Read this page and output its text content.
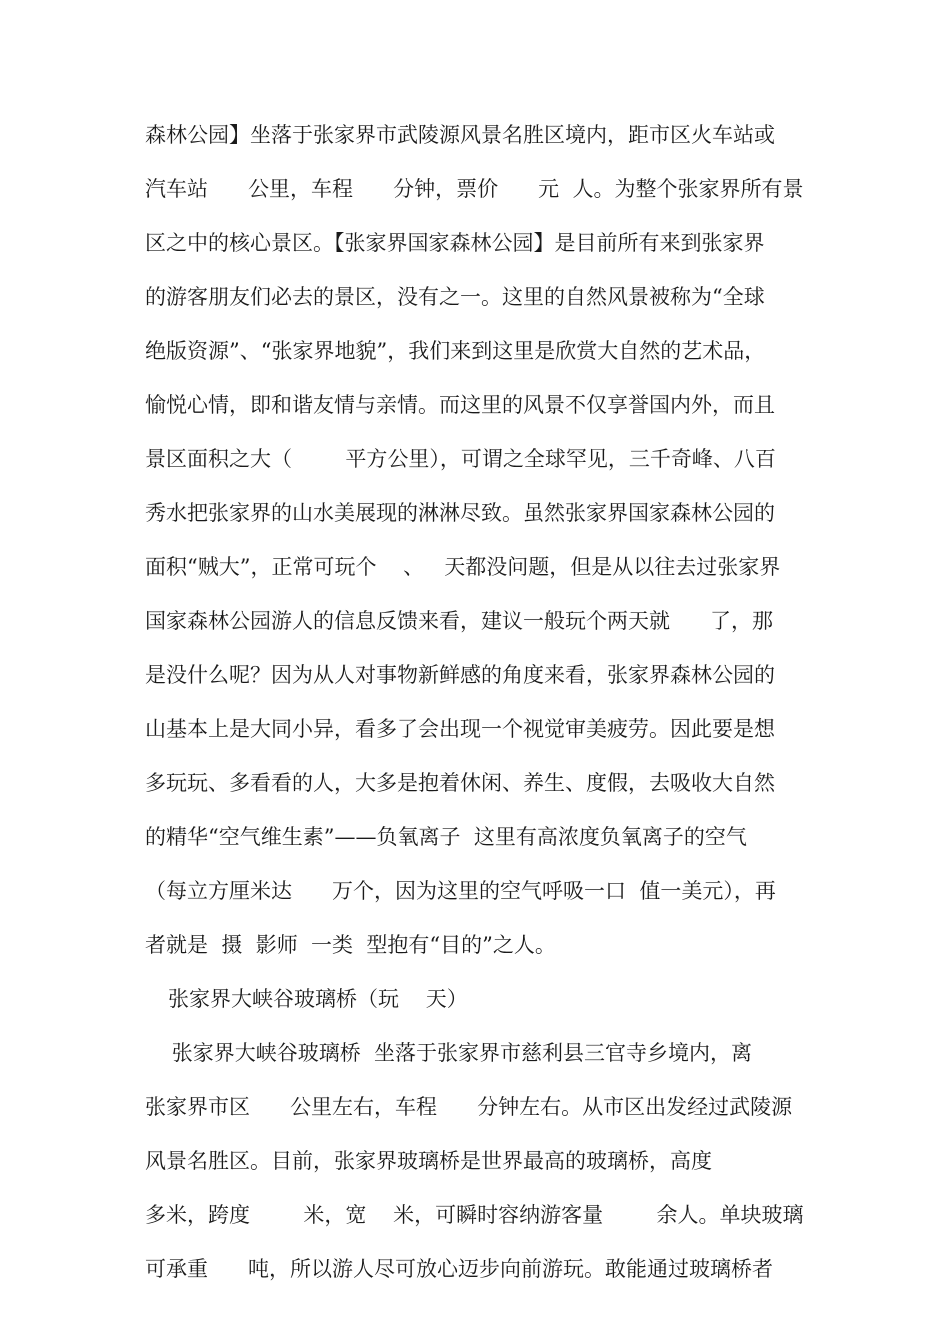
森林公园】坐落于张家界市武陵源风景名胜区境内，距市区火车站或
汽车站      公里，车程      分钟，票价      元  人。为整个张家界所有景
区之中的核心景区。【张家界国家森林公园】是目前所有来到张家界
的游客朋友们必去的景区，没有之一。这里的自然风景被称为“全球
绝版资源”、“张家界地貌”，我们来到这里是欣赏大自然的艺术品，
愉悦心情，即和谐友情与亲情。而这里的风景不仅享誉国内外，而且
景区面积之大（        平方公里），可谓之全球罕见，三千奇峰、八百
秀水把张家界的山水美展现的淋淋尽致。虽然张家界国家森林公园的
面积“贼大”，正常可玩个    、   天都没问题，但是从以往去过张家界
国家森林公园游人的信息反馈来看，建议一般玩个两天就      了，那
是没什么呢？因为从人对事物新鲜感的角度来看，张家界森林公园的
山基本上是大同小异，看多了会出现一个视觉审美疲劳。因此要是想
多玩玩、多看看的人，大多是抱着休闲、养生、度假，去吸收大自然
的精华“空气维生素”——负氧离子  这里有高浓度负氧离子的空气
（每立方厘米达      万个，因为这里的空气呼吸一口  值一美元），再
者就是  摄  影师  一类  型抱有“目的”之人。
张家界大峡谷玻璃桥（玩    天）
张家界大峡谷玻璃桥  坐落于张家界市慈利县三官寺乡境内，离
张家界市区      公里左右，车程      分钟左右。从市区出发经过武陵源
风景名胜区。目前，张家界玻璃桥是世界最高的玻璃桥，高度
多米，跨度        米，宽    米，可瞬时容纳游客量        余人。单块玻璃
可承重      吨，所以游人尽可放心迈步向前游玩。敢能通过玻璃桥者
